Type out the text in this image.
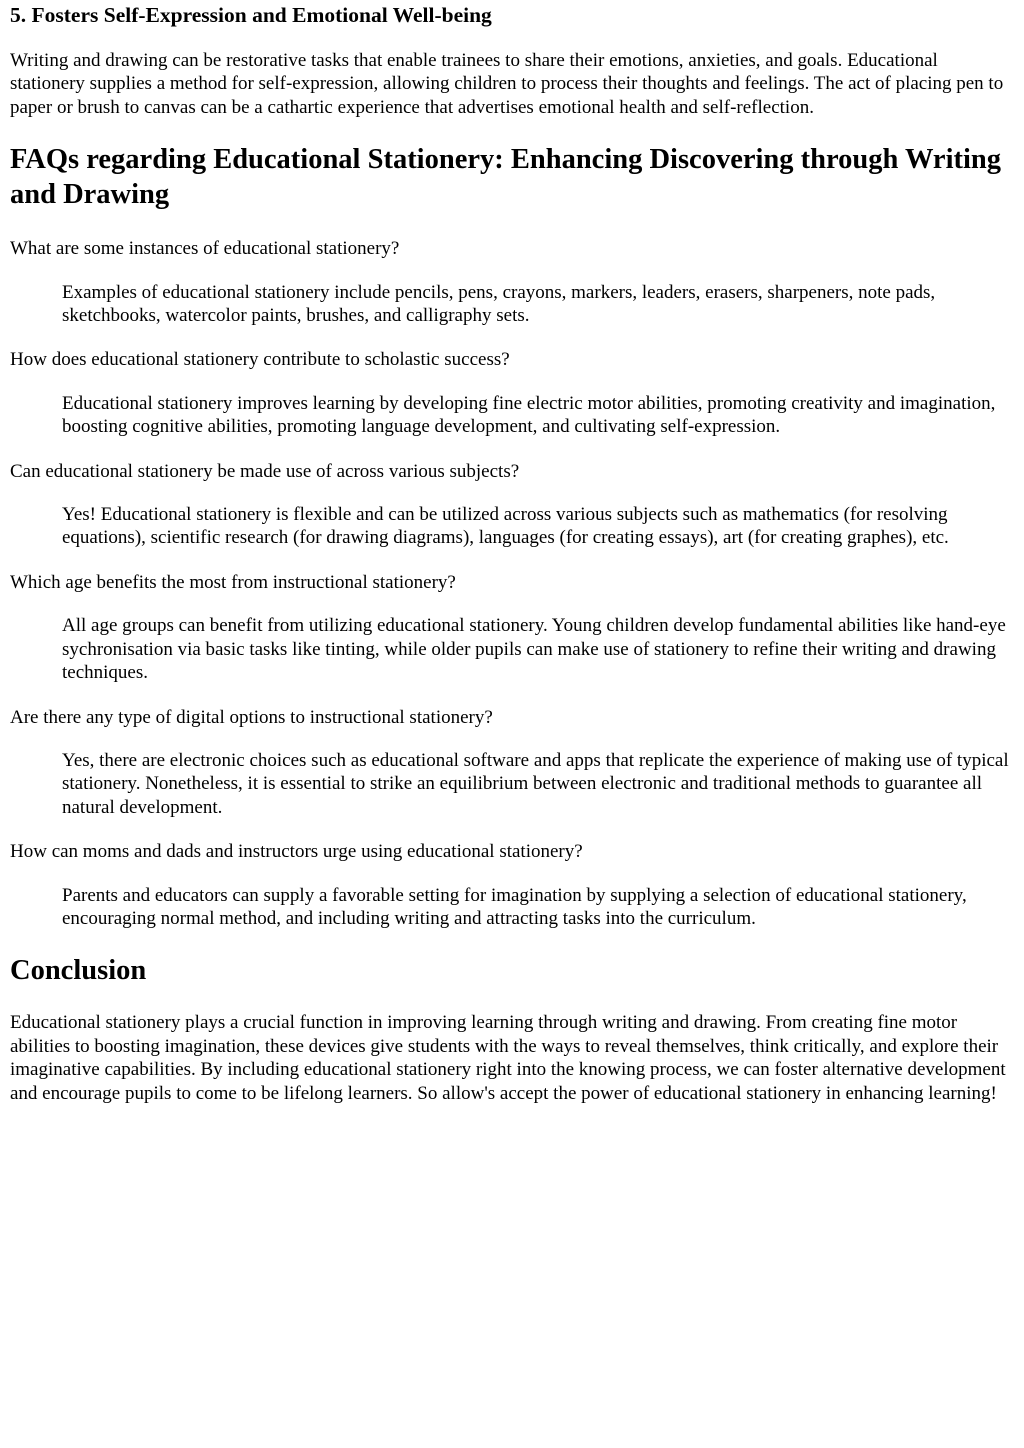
5. Fosters Self-Expression and Emotional Well-being

Writing and drawing can be restorative tasks that enable trainees to share their emotions, anxieties, and goals. Educational stationery supplies a method for self-expression, allowing children to process their thoughts and feelings. The act of placing pen to paper or brush to canvas can be a cathartic experience that advertises emotional health and self-reflection.

FAQs regarding Educational Stationery: Enhancing Discovering through Writing and Drawing
What are some instances of educational stationery?
Examples of educational stationery include pencils, pens, crayons, markers, leaders, erasers, sharpeners, note pads, sketchbooks, watercolor paints, brushes, and calligraphy sets.
How does educational stationery contribute to scholastic success?
Educational stationery improves learning by developing fine electric motor abilities, promoting creativity and imagination, boosting cognitive abilities, promoting language development, and cultivating self-expression.
Can educational stationery be made use of across various subjects?
Yes! Educational stationery is flexible and can be utilized across various subjects such as mathematics (for resolving equations), scientific research (for drawing diagrams), languages (for creating essays), art (for creating graphes), etc.
Which age benefits the most from instructional stationery?
All age groups can benefit from utilizing educational stationery. Young children develop fundamental abilities like hand-eye sychronisation via basic tasks like tinting, while older pupils can make use of stationery to refine their writing and drawing techniques.
Are there any type of digital options to instructional stationery?
Yes, there are electronic choices such as educational software and apps that replicate the experience of making use of typical stationery. Nonetheless, it is essential to strike an equilibrium between electronic and traditional methods to guarantee all natural development.
How can moms and dads and instructors urge using educational stationery?
Parents and educators can supply a favorable setting for imagination by supplying a selection of educational stationery, encouraging normal method, and including writing and attracting tasks into the curriculum.
Conclusion

Educational stationery plays a crucial function in improving learning through writing and drawing. From creating fine motor abilities to boosting imagination, these devices give students with the ways to reveal themselves, think critically, and explore their imaginative capabilities. By including educational stationery right into the knowing process, we can foster alternative development and encourage pupils to come to be lifelong learners. So allow's accept the power of educational stationery in enhancing learning!
